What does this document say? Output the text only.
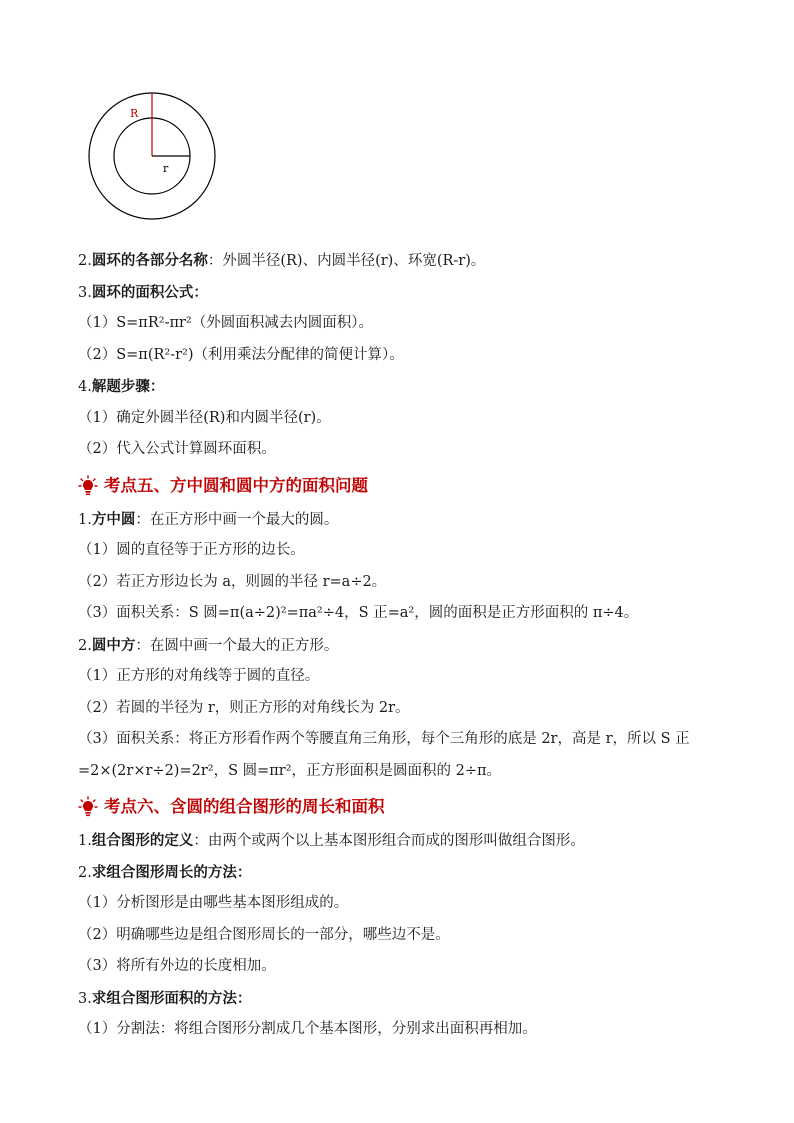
R
r
2.圆环的各部分名称：外圆半径(R)、内圆半径(r)、环宽(R-r)。
3.圆环的面积公式：
（1）S=πR²-πr²（外圆面积减去内圆面积）。
（2）S=π(R²-r²)（利用乘法分配律的简便计算）。
4.解题步骤：
（1）确定外圆半径(R)和内圆半径(r)。
（2）代入公式计算圆环面积。
考点五、方中圆和圆中方的面积问题
1.方中圆：在正方形中画一个最大的圆。
（1）圆的直径等于正方形的边长。
（2）若正方形边长为 a，则圆的半径 r=a÷2。
（3）面积关系：S 圆=π(a÷2)²=πa²÷4，S 正=a²，圆的面积是正方形面积的 π÷4。
2.圆中方：在圆中画一个最大的正方形。
（1）正方形的对角线等于圆的直径。
（2）若圆的半径为 r，则正方形的对角线长为 2r。
（3）面积关系：将正方形看作两个等腰直角三角形，每个三角形的底是 2r，高是 r，所以 S 正=2×(2r×r÷2)=2r²，S 圆=πr²，正方形面积是圆面积的 2÷π。
考点六、含圆的组合图形的周长和面积
1.组合图形的定义：由两个或两个以上基本图形组合而成的图形叫做组合图形。
2.求组合图形周长的方法：
（1）分析图形是由哪些基本图形组成的。
（2）明确哪些边是组合图形周长的一部分，哪些边不是。
（3）将所有外边的长度相加。
3.求组合图形面积的方法：
（1）分割法：将组合图形分割成几个基本图形，分别求出面积再相加。
